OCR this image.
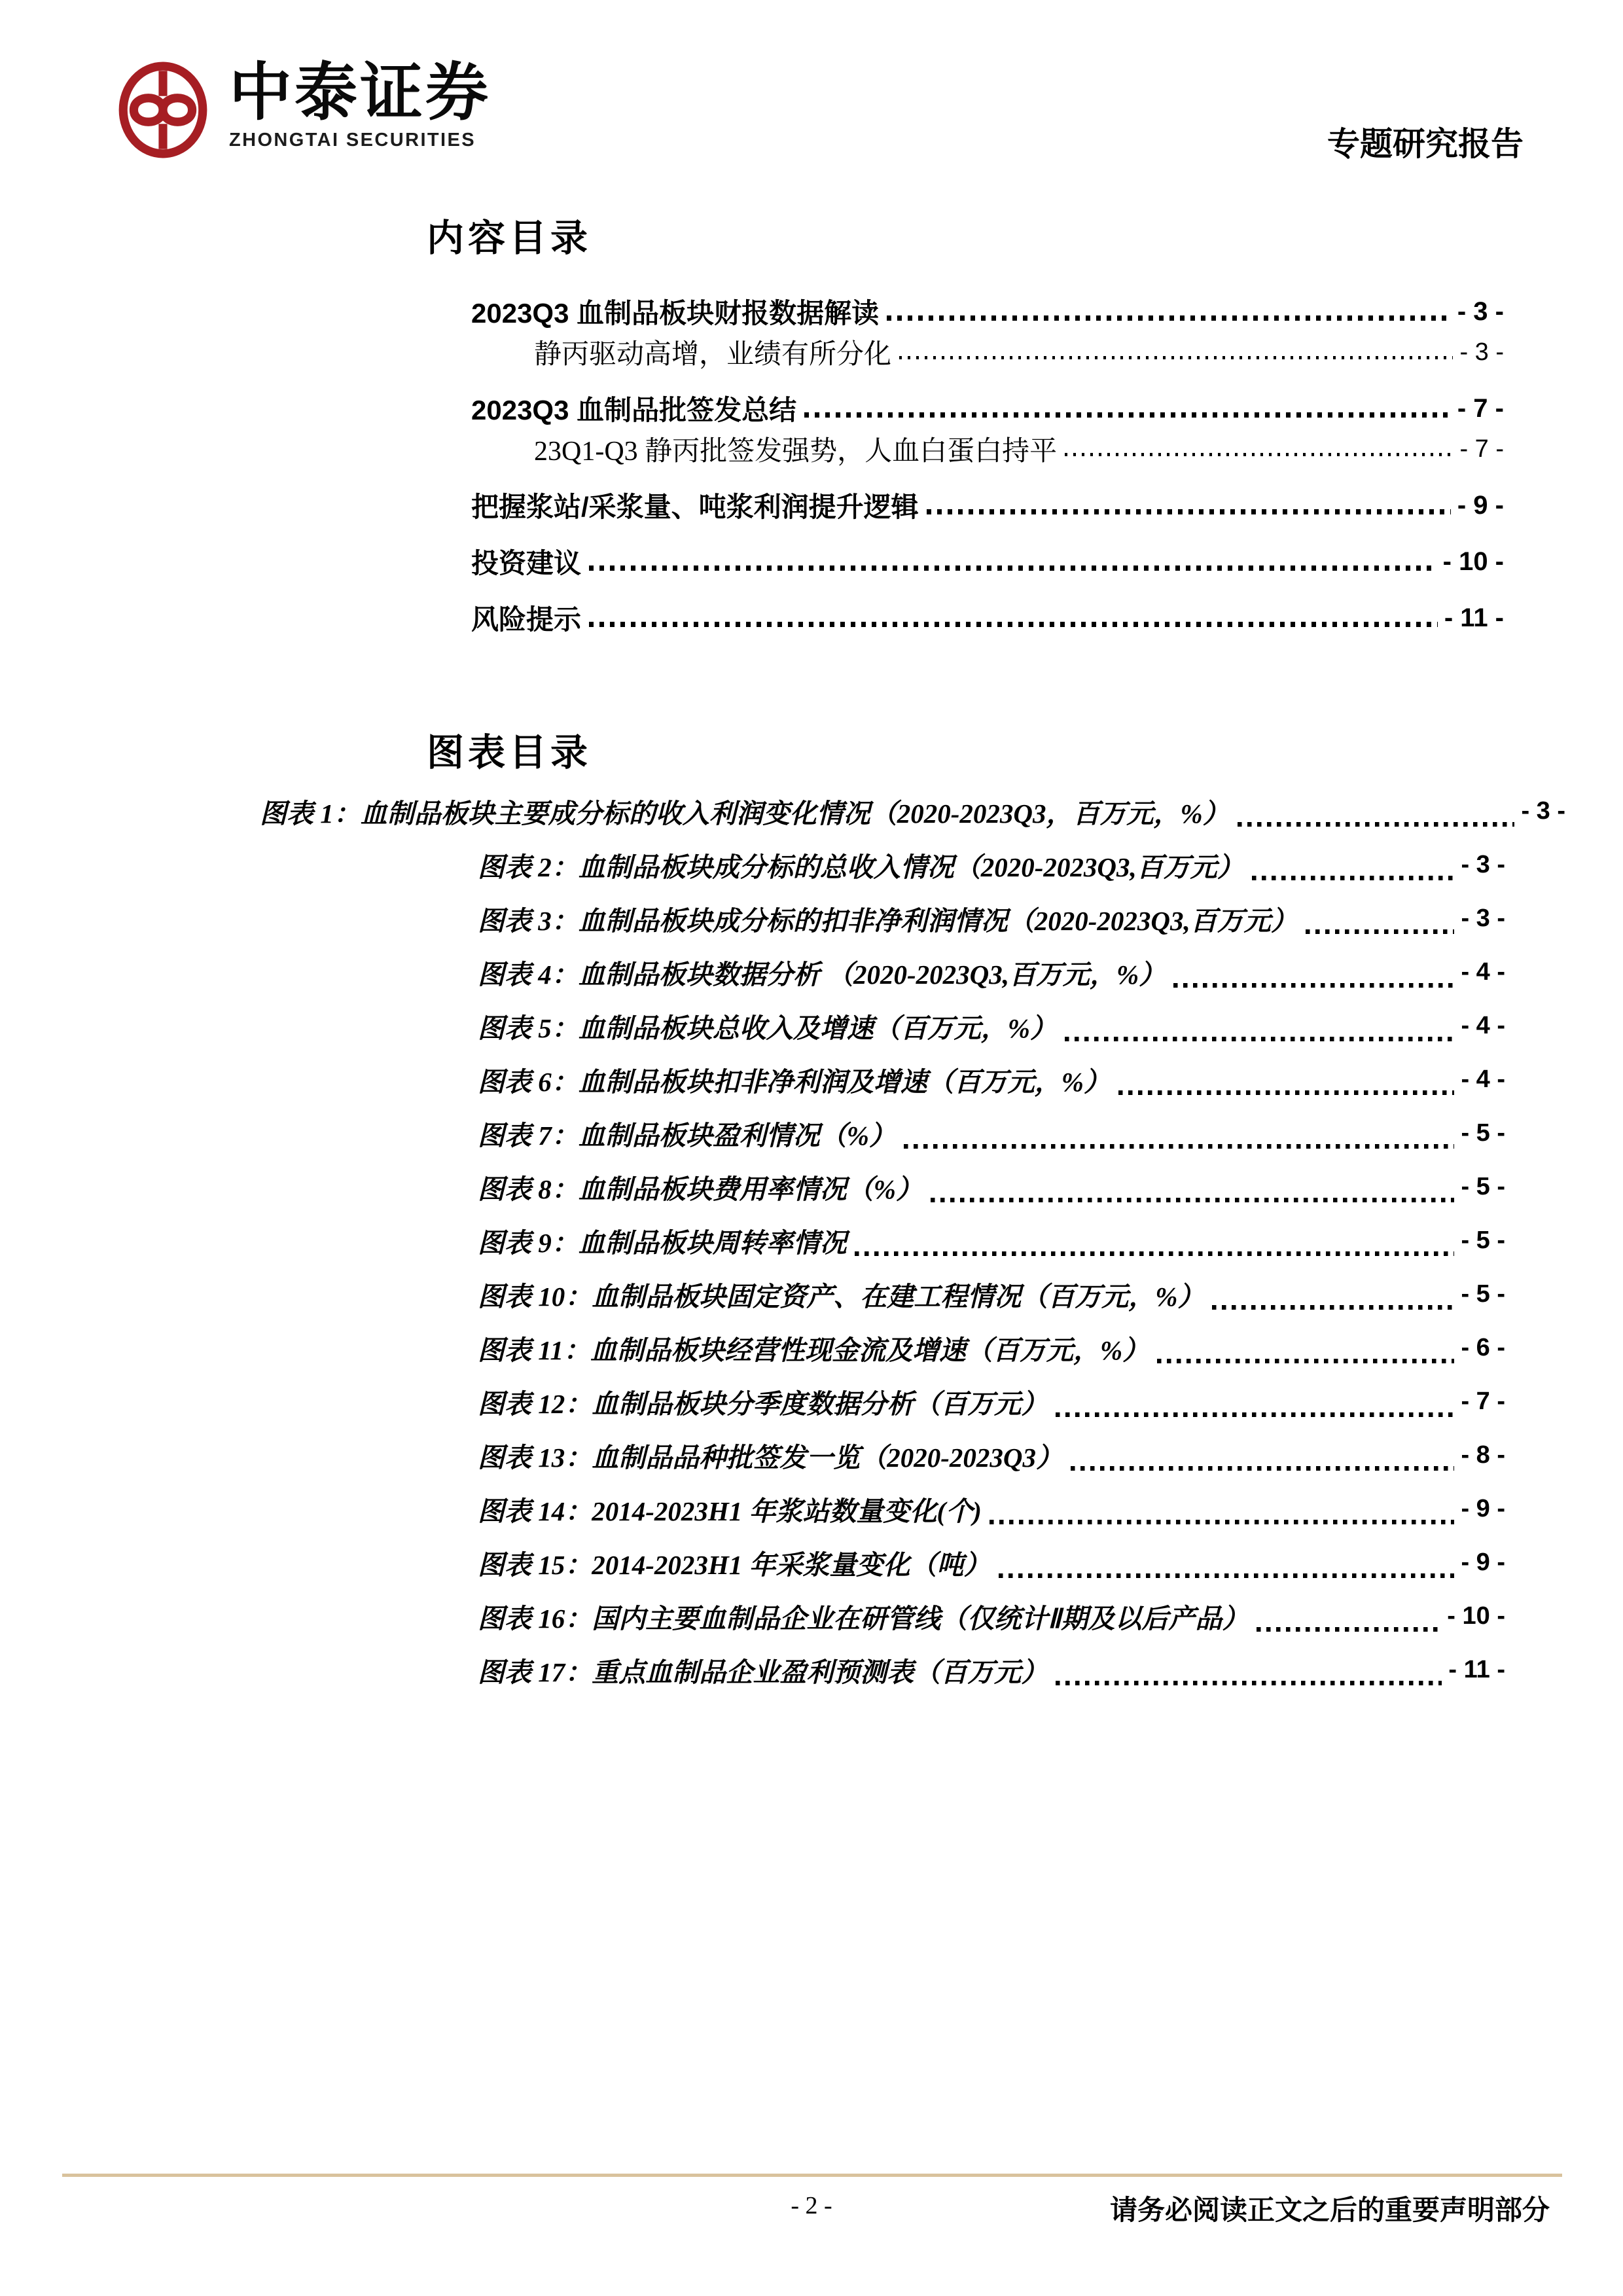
中泰证券
ZHONGTAI SECURITIES	专题研究报告
内容目录
2023Q3 血制品板块财报数据解读	- 3 -
静丙驱动高增，业绩有所分化	- 3 -
2023Q3 血制品批签发总结	- 7 -
23Q1-Q3 静丙批签发强势，人血白蛋白持平	- 7 -
把握浆站/采浆量、吨浆利润提升逻辑	- 9 -
投资建议	- 10 -
风险提示	- 11 -
图表目录
图表 1：血制品板块主要成分标的收入利润变化情况（2020-2023Q3，百万元，%）	- 3 -
图表 2：血制品板块成分标的总收入情况（2020-2023Q3,百万元）	- 3 -
图表 3：血制品板块成分标的扣非净利润情况（2020-2023Q3,百万元）	- 3 -
图表 4：血制品板块数据分析 （2020-2023Q3,百万元，%）	- 4 -
图表 5：血制品板块总收入及增速（百万元，%）	- 4 -
图表 6：血制品板块扣非净利润及增速（百万元，%）	- 4 -
图表 7：血制品板块盈利情况（%）	- 5 -
图表 8：血制品板块费用率情况（%）	- 5 -
图表 9：血制品板块周转率情况	- 5 -
图表 10：血制品板块固定资产、在建工程情况（百万元，%）	- 5 -
图表 11：血制品板块经营性现金流及增速（百万元，%）	- 6 -
图表 12：血制品板块分季度数据分析（百万元）	- 7 -
图表 13：血制品品种批签发一览（2020-2023Q3）	- 8 -
图表 14：2014-2023H1 年浆站数量变化(个)	- 9 -
图表 15：2014-2023H1 年采浆量变化（吨）	- 9 -
图表 16：国内主要血制品企业在研管线（仅统计Ⅱ期及以后产品）	- 10 -
图表 17：重点血制品企业盈利预测表（百万元）	- 11 -
- 2 -	请务必阅读正文之后的重要声明部分
